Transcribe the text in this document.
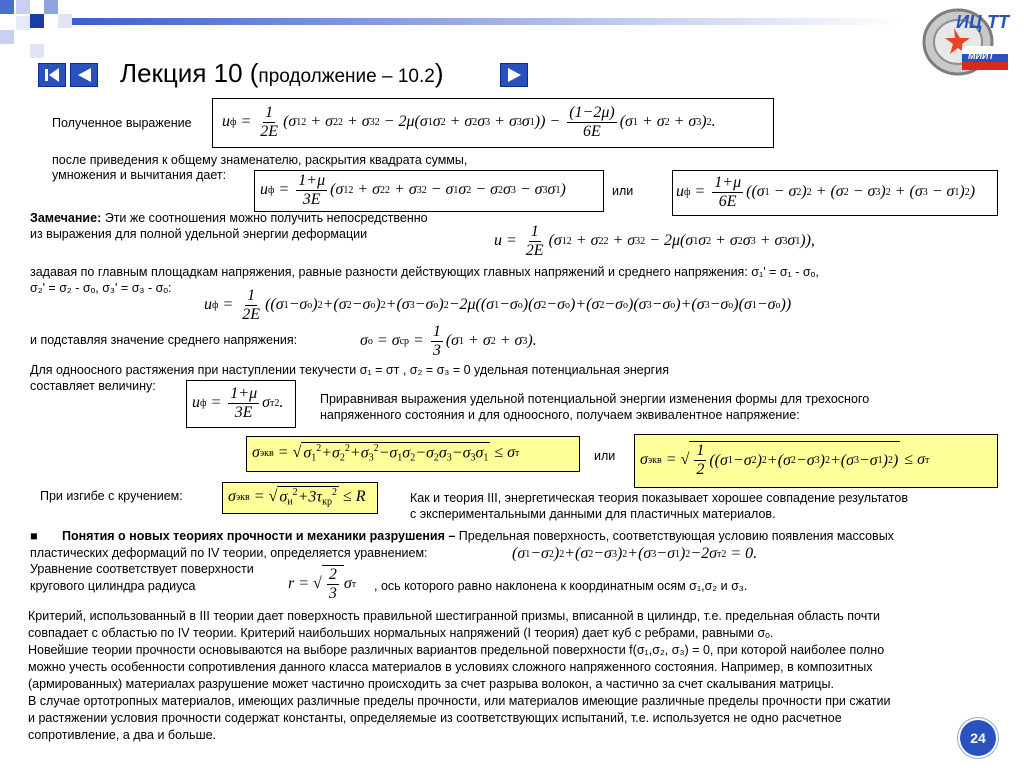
ИЦ ТТ
МИИТ
Лекция 10 (продолжение – 10.2)
Полученное выражение u $ф = \frac{1}{2E} (\sigma$ 1 2 + σ 2 2 + σ 3 2 − 2μ(σ 1 σ 2 + σ 2 σ 3 + σ 3 σ 1 )) − $\frac{(1-2\mu)}{6E} (\sigma$ 1 + σ 2 + σ 3 ) 2 .
после приведения к общему знаменателю, раскрытия квадрата суммы,
умножения и вычитания дает:
u $ф = \frac{1+\mu}{3E} (\sigma$ 1 2 + σ 2 2 + σ 3 2 − σ 1 σ 2 − σ 2 σ 3 − σ 3 σ 1 )	или	u $ф = \frac{1+\mu}{6E} ((\sigma$ 1 − σ 2 ) 2 + (σ 2 − σ 3 ) 2 + (σ 3 − σ 1 ) 2 )
Замечание: Эти же соотношения можно получить непосредственно
из выражения для полной удельной энергии деформации	$u = \frac{1}{2E} (\sigma$ 1 2 + σ 2 2 + σ 3 2 − 2μ(σ 1 σ 2 + σ 2 σ 3 + σ 3 σ 1 )),
задавая по главным площадкам напряжения, равные разности действующих главных напряжений и среднего напряжения: σ₁' = σ₁ - σₒ,
σ₂' = σ₂ - σₒ, σ₃' = σ₃ - σₒ:
u $ф = \frac{1}{2E} ((\sigma$ 1 −σ о ) 2 +(σ 2 −σ о ) 2 +(σ 3 −σ о ) 2 −2μ((σ 1 −σ о )(σ 2 −σ о )+(σ 2 −σ о )(σ 3 −σ о )+(σ 3 −σ о )(σ 1 −σ о ))
и подставляя значение среднего напряжения:	σ о = σ ср = $\frac{1}{3} (\sigma$ 1 + σ 2 + σ 3 ).
Для одноосного растяжения при наступлении текучести σ₁ = σт , σ₂ = σ₃ = 0 удельная потенциальная энергия
составляет величину:
u $ф = \frac{1+\mu}{3E}$ σ т 2 .	Приравнивая выражения удельной потенциальной энергии изменения формы для трехосного
напряженного состояния и для одноосного, получаем эквивалентное напряжение:
σ экв = √ $\sigma_1^2+\sigma_2^2+\sigma_3^2-\sigma_1\sigma_2-\sigma_2\sigma_3-\sigma_3\sigma_1 \le \sigma$ т	или σ экв = √ $\frac{1}{2} ((\sigma$ 1 −σ 2 ) 2 +(σ 2 −σ 3 ) 2 +(σ 3 −σ 1 ) 2 ) ≤ σ т
При изгибе с кручением:	σ экв = √ $\sigma_и^2+3\tau_{кр}^2 \le R$	Как и теория III, энергетическая теория показывает хорошее совпадение результатов
с экспериментальными данными для пластичных материалов.
■ Понятия о новых теориях прочности и механики разрушения – Предельная поверхность, соответствующая условию появления массовых
пластических деформаций по IV теории, определяется уравнением:	(σ 1 −σ 2 ) 2 +(σ 2 −σ 3 ) 2 +(σ 3 −σ 1 ) 2 −2σ т 2 = 0.
Уравнение соответствует поверхности
кругового цилиндра радиуса	r = √ $\frac{2}{3}$ σ т , ось которого равно наклонена к координатным осям σ₁,σ₂ и σ₃.
Критерий, использованный в III теории дает поверхность правильной шестигранной призмы, вписанной в цилиндр, т.е. предельная область почти
совпадает с областью по IV теории. Критерий наибольших нормальных напряжений (I теория) дает куб с ребрами, равными σₒ.
Новейшие теории прочности основываются на выборе различных вариантов предельной поверхности f(σ₁,σ₂, σ₃) = 0, при которой наиболее полно
можно учесть особенности сопротивления данного класса материалов в условиях сложного напряженного состояния. Например, в композитных
(армированных) материалах разрушение может частично происходить за счет разрыва волокон, а частично за счет скалывания матрицы.
В случае ортотропных материалов, имеющих различные пределы прочности, или материалов имеющие различные пределы прочности при сжатии
и растяжении условия прочности содержат константы, определяемые из соответствующих испытаний, т.е. используется не одно расчетное
сопротивление, а два и больше.	24
